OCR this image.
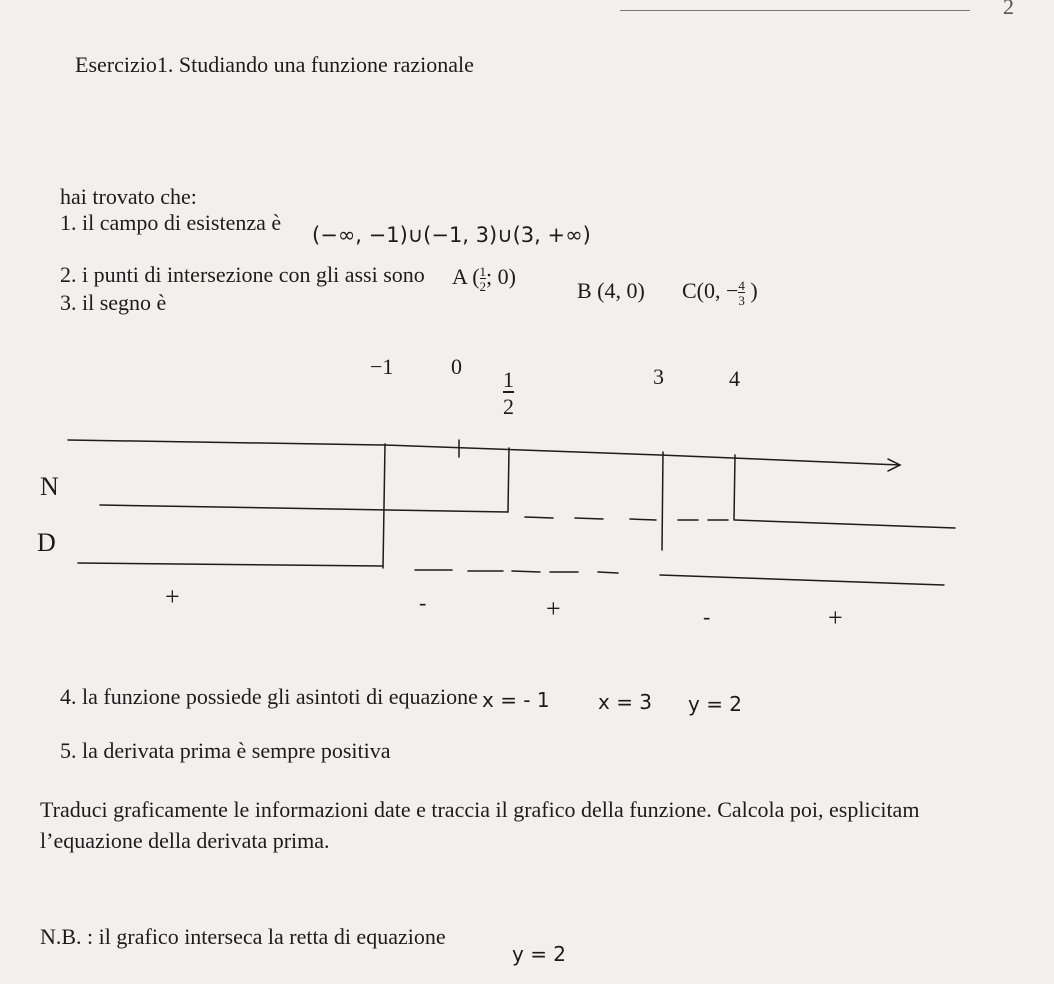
2
Esercizio1. Studiando una funzione razionale
hai trovato che:
1. il campo di esistenza è (−∞, −1)∪(−1, 3)∪(3, +∞)
2. i punti di intersezione con gli assi sono A ( $\frac{1}{2}$ ; 0)
B (4, 0) C(0, − $\frac{4}{3}$ )
3. il segno è
−1	0
$\frac{1}{2}$	3	4
N
D
+	-	+	-	+
4. la funzione possiede gli asintoti di equazione x = - 1 x = 3 y = 2
5. la derivata prima è sempre positiva
Traduci graficamente le informazioni date e traccia il grafico della funzione. Calcola poi, esplicitam
l’equazione della derivata prima.
N.B. : il grafico interseca la retta di equazione
y = 2
